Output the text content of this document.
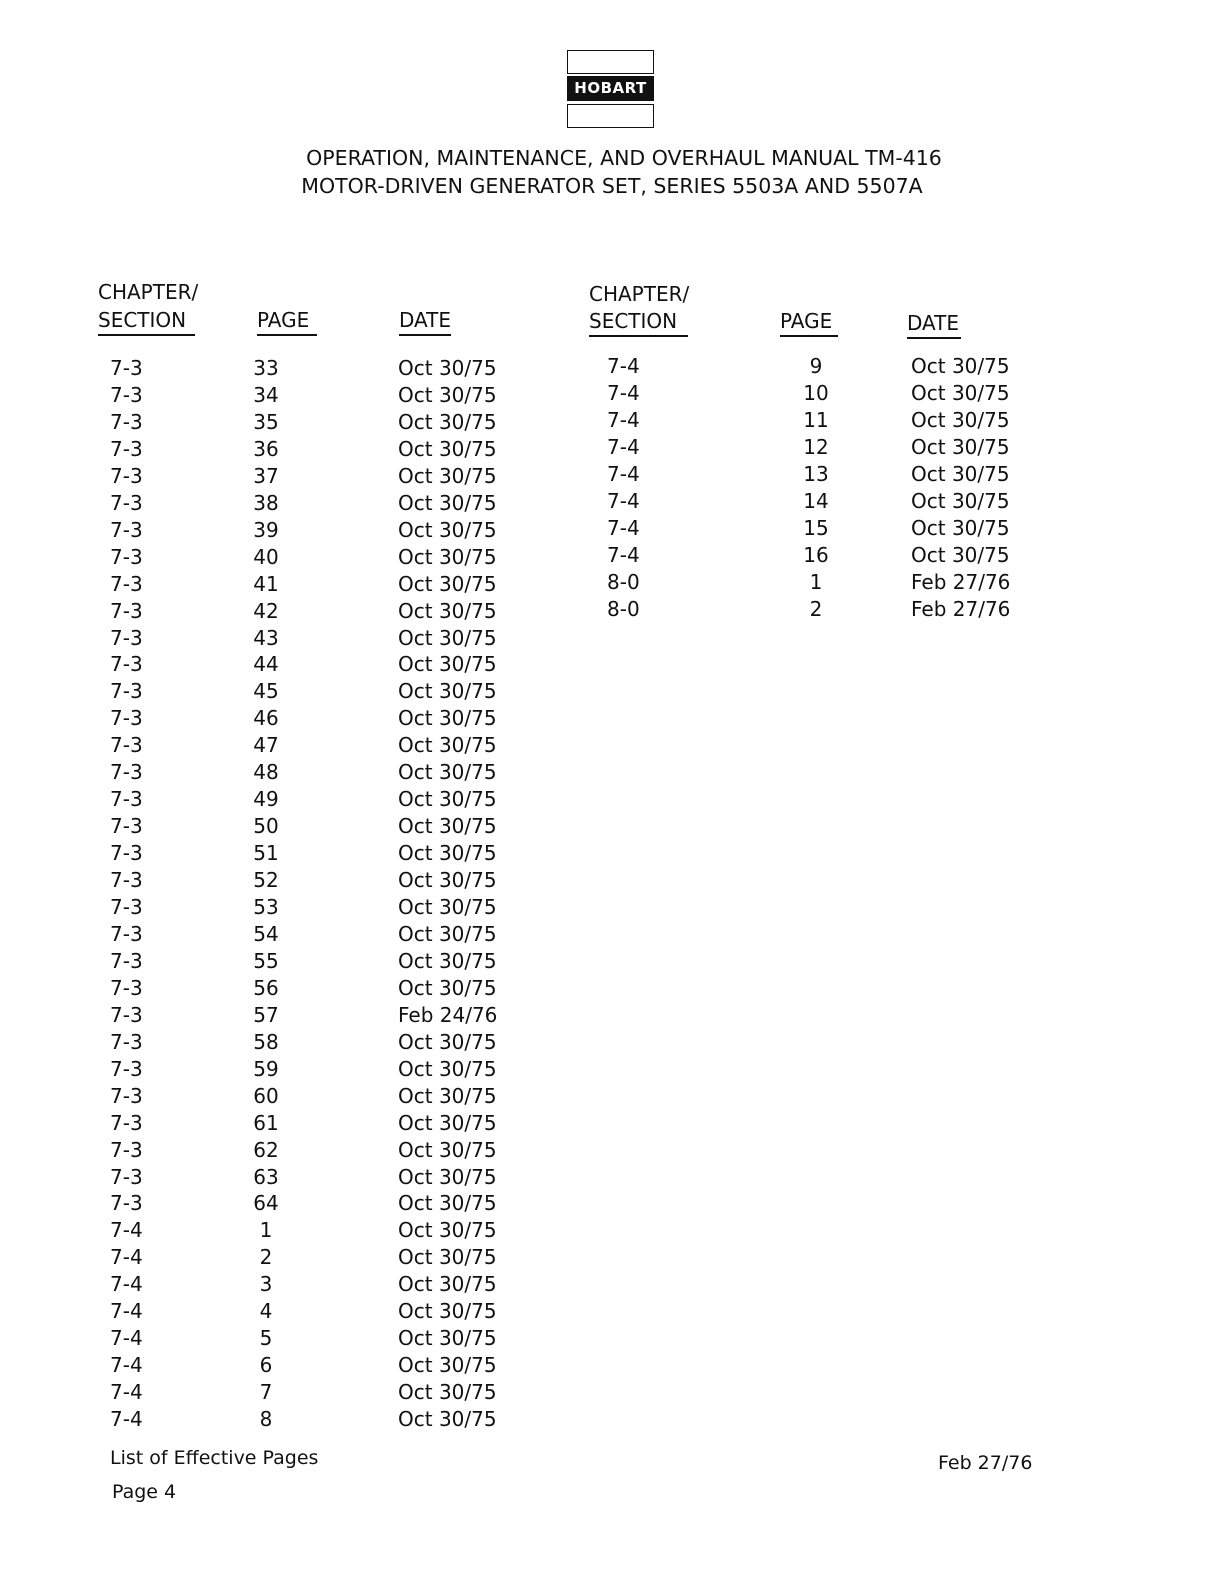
HOBART
OPERATION, MAINTENANCE, AND OVERHAUL MANUAL TM-416
MOTOR-DRIVEN GENERATOR SET, SERIES 5503A AND 5507A
CHAPTER/
SECTION	PAGE	DATE
CHAPTER/
SECTION	PAGE	DATE
7-3	33	Oct 30/75
7-3	34	Oct 30/75
7-3	35	Oct 30/75
7-3	36	Oct 30/75
7-3	37	Oct 30/75
7-3	38	Oct 30/75
7-3	39	Oct 30/75
7-3	40	Oct 30/75
7-3	41	Oct 30/75
7-3	42	Oct 30/75
7-3	43	Oct 30/75
7-3	44	Oct 30/75
7-3	45	Oct 30/75
7-3	46	Oct 30/75
7-3	47	Oct 30/75
7-3	48	Oct 30/75
7-3	49	Oct 30/75
7-3	50	Oct 30/75
7-3	51	Oct 30/75
7-3	52	Oct 30/75
7-3	53	Oct 30/75
7-3	54	Oct 30/75
7-3	55	Oct 30/75
7-3	56	Oct 30/75
7-3	57	Feb 24/76
7-3	58	Oct 30/75
7-3	59	Oct 30/75
7-3	60	Oct 30/75
7-3	61	Oct 30/75
7-3	62	Oct 30/75
7-3	63	Oct 30/75
7-3	64	Oct 30/75
7-4	1	Oct 30/75
7-4	2	Oct 30/75
7-4	3	Oct 30/75
7-4	4	Oct 30/75
7-4	5	Oct 30/75
7-4	6	Oct 30/75
7-4	7	Oct 30/75
7-4	8	Oct 30/75
7-4	9	Oct 30/75
7-4	10	Oct 30/75
7-4	11	Oct 30/75
7-4	12	Oct 30/75
7-4	13	Oct 30/75
7-4	14	Oct 30/75
7-4	15	Oct 30/75
7-4	16	Oct 30/75
8-0	1	Feb 27/76
8-0	2	Feb 27/76
List of Effective Pages
Page 4
Feb 27/76
